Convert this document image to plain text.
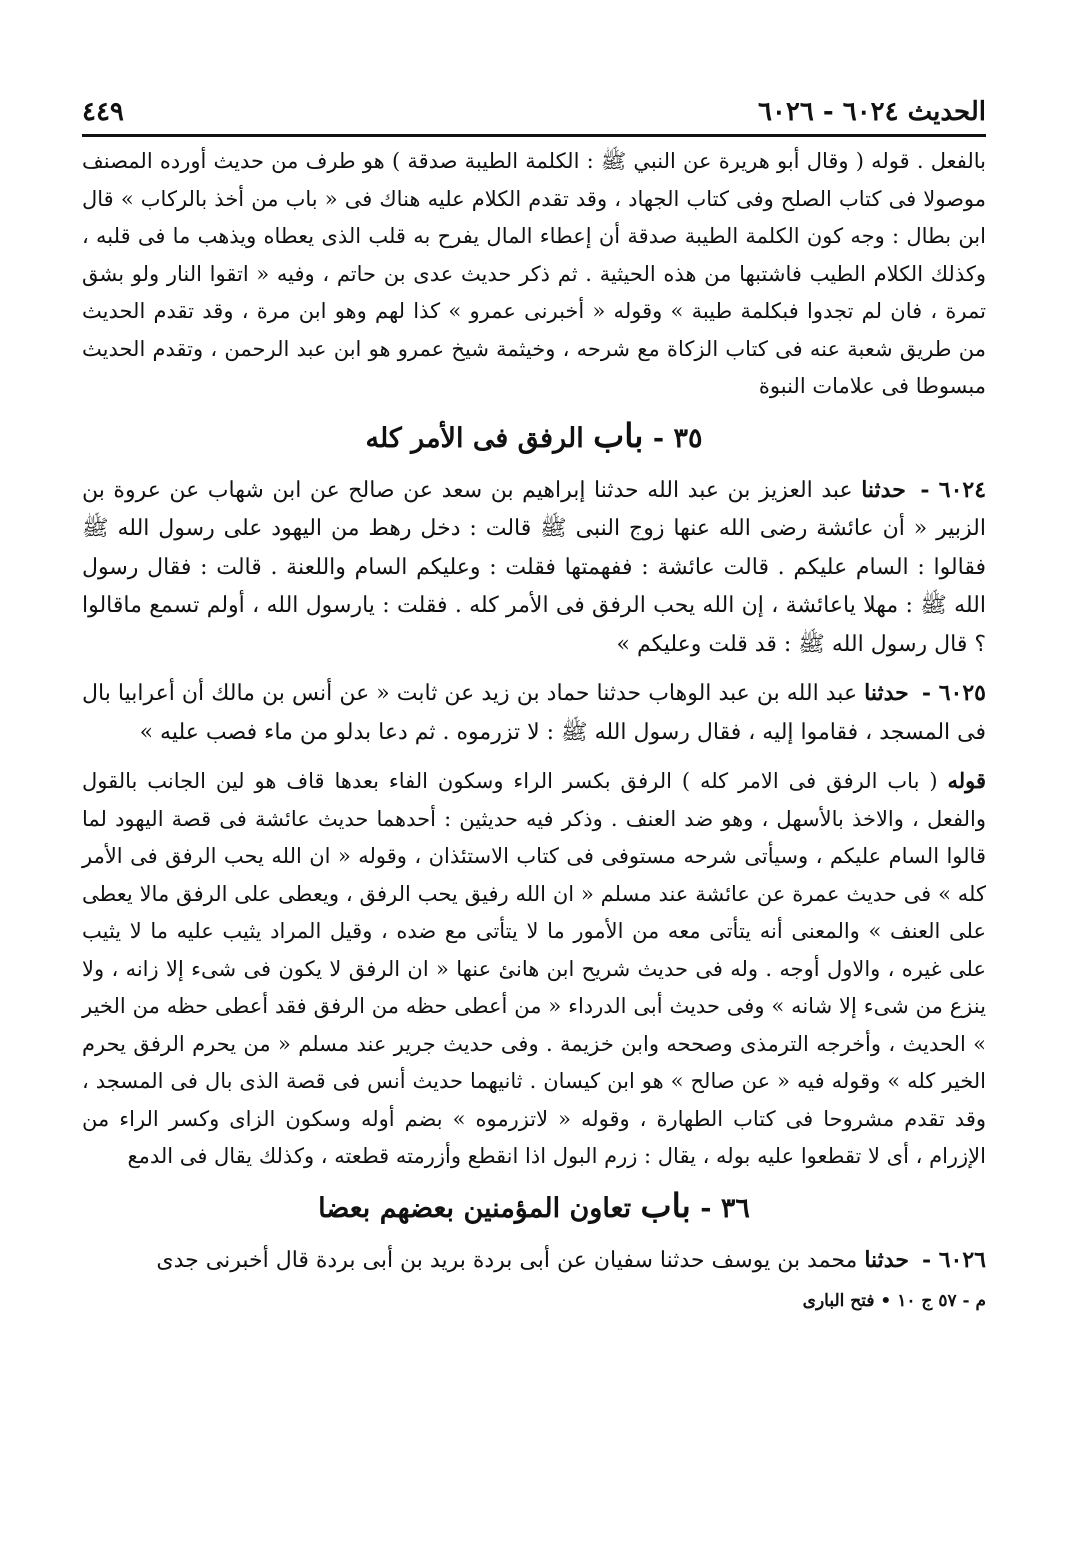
الحديث ٦٠٢٤ - ٦٠٢٦
٤٤٩

بالفعل . قوله ( وقال أبو هريرة عن النبي ﷺ : الكلمة الطيبة صدقة ) هو طرف من حديث أورده المصنف موصولا فى كتاب الصلح وفى كتاب الجهاد ، وقد تقدم الكلام عليه هناك فى « باب من أخذ بالركاب » قال ابن بطال : وجه كون الكلمة الطيبة صدقة أن إعطاء المال يفرح به قلب الذى يعطاه ويذهب ما فى قلبه ، وكذلك الكلام الطيب فاشتبها من هذه الحيثية . ثم ذكر حديث عدى بن حاتم ، وفيه « اتقوا النار ولو بشق تمرة ، فان لم تجدوا فبكلمة طيبة » وقوله « أخبرنى عمرو » كذا لهم وهو ابن مرة ، وقد تقدم الحديث من طريق شعبة عنه فى كتاب الزكاة مع شرحه ، وخيثمة شيخ عمرو هو ابن عبد الرحمن ، وتقدم الحديث مبسوطا فى علامات النبوة

٣٥ - باب الرفق فى الأمر كله

٦٠٢٤ - حدثنا عبد العزيز بن عبد الله حدثنا إبراهيم بن سعد عن صالح عن ابن شهاب عن عروة بن الزبير « أن عائشة رضى الله عنها زوج النبى ﷺ قالت : دخل رهط من اليهود على رسول الله ﷺ فقالوا : السام عليكم . قالت عائشة : ففهمتها فقلت : وعليكم السام واللعنة . قالت : فقال رسول الله ﷺ : مهلا ياعائشة ، إن الله يحب الرفق فى الأمر كله . فقلت : يارسول الله ، أولم تسمع ماقالوا ؟ قال رسول الله ﷺ : قد قلت وعليكم »

٦٠٢٥ - حدثنا عبد الله بن عبد الوهاب حدثنا حماد بن زيد عن ثابت « عن أنس بن مالك أن أعرابيا بال فى المسجد ، فقاموا إليه ، فقال رسول الله ﷺ : لا تزرموه . ثم دعا بدلو من ماء فصب عليه »

قوله ( باب الرفق فى الامر كله ) الرفق بكسر الراء وسكون الفاء بعدها قاف هو لين الجانب بالقول والفعل ، والاخذ بالأسهل ، وهو ضد العنف . وذكر فيه حديثين : أحدهما حديث عائشة فى قصة اليهود لما قالوا السام عليكم ، وسيأتى شرحه مستوفى فى كتاب الاستئذان ، وقوله « ان الله يحب الرفق فى الأمر كله » فى حديث عمرة عن عائشة عند مسلم « ان الله رفيق يحب الرفق ، ويعطى على الرفق مالا يعطى على العنف » والمعنى أنه يتأتى معه من الأمور ما لا يتأتى مع ضده ، وقيل المراد يثيب عليه ما لا يثيب على غيره ، والاول أوجه . وله فى حديث شريح ابن هانئ عنها « ان الرفق لا يكون فى شىء إلا زانه ، ولا ينزع من شىء إلا شانه » وفى حديث أبى الدرداء « من أعطى حظه من الرفق فقد أعطى حظه من الخير » الحديث ، وأخرجه الترمذى وصححه وابن خزيمة . وفى حديث جرير عند مسلم « من يحرم الرفق يحرم الخير كله » وقوله فيه « عن صالح » هو ابن كيسان . ثانيهما حديث أنس فى قصة الذى بال فى المسجد ، وقد تقدم مشروحا فى كتاب الطهارة ، وقوله « لاتزرموه » بضم أوله وسكون الزاى وكسر الراء من الإزرام ، أى لا تقطعوا عليه بوله ، يقال : زرم البول اذا انقطع وأزرمته قطعته ، وكذلك يقال فى الدمع

٣٦ - باب تعاون المؤمنين بعضهم بعضا

٦٠٢٦ - حدثنا محمد بن يوسف حدثنا سفيان عن أبى بردة بريد بن أبى بردة قال أخبرنى جدى

م - ٥٧ ج ١٠ • فتح البارى
